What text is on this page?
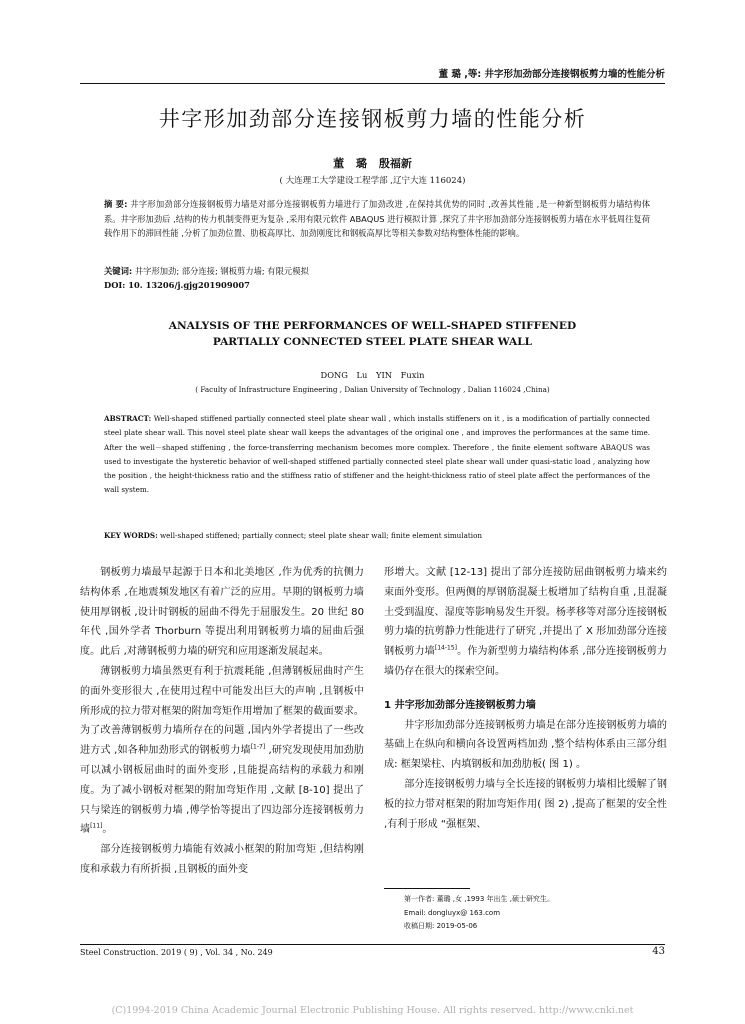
董 璐 ,等: 井字形加劲部分连接钢板剪力墙的性能分析
井字形加劲部分连接钢板剪力墙的性能分析
董 璐 殷福新
( 大连理工大学建设工程学部 ,辽宁大连 116024)
摘 要: 井字形加劲部分连接钢板剪力墙是对部分连接钢板剪力墙进行了加劲改进 ,在保持其优势的同时 ,改善其性能 ,是一种新型钢板剪力墙结构体系。井字形加劲后 ,结构的传力机制变得更为复杂 ,采用有限元软件 ABAQUS 进行模拟计算 ,探究了井字形加劲部分连接钢板剪力墙在水平低周往复荷载作用下的滞回性能 ,分析了加劲位置、肋板高厚比、加劲刚度比和钢板高厚比等相关参数对结构整体性能的影响。
关键词: 井字形加劲; 部分连接; 钢板剪力墙; 有限元模拟
DOI: 10. 13206/j.gjg201909007
ANALYSIS OF THE PERFORMANCES OF WELL-SHAPED STIFFENED
PARTIALLY CONNECTED STEEL PLATE SHEAR WALL
DONG Lu YIN Fuxin
( Faculty of Infrastructure Engineering , Dalian University of Technology , Dalian 116024 ,China)
ABSTRACT: Well-shaped stiffened partially connected steel plate shear wall , which installs stiffeners on it , is a modification of partially connected steel plate shear wall. This novel steel plate shear wall keeps the advantages of the original one , and improves the performances at the same time. After the well－shaped stiffening , the force-transferring mechanism becomes more complex. Therefore , the finite element software ABAQUS was used to investigate the hysteretic behavior of well-shaped stiffened partially connected steel plate shear wall under quasi-static load , analyzing how the position , the height-thickness ratio and the stiffness ratio of stiffener and the height-thickness ratio of steel plate affect the performances of the wall system.
KEY WORDS: well-shaped stiffened; partially connect; steel plate shear wall; finite element simulation

钢板剪力墙最早起源于日本和北美地区 ,作为优秀的抗侧力结构体系 ,在地震频发地区有着广泛的应用。早期的钢板剪力墙使用厚钢板 ,设计时钢板的屈曲不得先于屈服发生。20 世纪 80 年代 ,国外学者 Thorburn 等提出利用钢板剪力墙的屈曲后强度。此后 ,对薄钢板剪力墙的研究和应用逐渐发展起来。

薄钢板剪力墙虽然更有利于抗震耗能 ,但薄钢板屈曲时产生的面外变形很大 ,在使用过程中可能发出巨大的声响 ,且钢板中所形成的拉力带对框架的附加弯矩作用增加了框架的截面要求。为了改善薄钢板剪力墙所存在的问题 ,国内外学者提出了一些改进方式 ,如各种加劲形式的钢板剪力墙[1-7] ,研究发现使用加劲肋可以减小钢板屈曲时的面外变形 ,且能提高结构的承载力和刚度。为了减小钢板对框架的附加弯矩作用 ,文献 [8-10] 提出了只与梁连的钢板剪力墙 ,傅学怡等提出了四边部分连接钢板剪力墙[11]。

部分连接钢板剪力墙能有效减小框架的附加弯矩 ,但结构刚度和承载力有所折损 ,且钢板的面外变

形增大。文献 [12-13] 提出了部分连接防屈曲钢板剪力墙来约束面外变形。但两侧的厚钢筋混凝土板增加了结构自重 ,且混凝土受到温度、湿度等影响易发生开裂。杨孝移等对部分连接钢板剪力墙的抗剪静力性能进行了研究 ,并提出了 X 形加劲部分连接钢板剪力墙[14-15]。作为新型剪力墙结构体系 ,部分连接钢板剪力墙仍存在很大的探索空间。

1 井字形加劲部分连接钢板剪力墙

井字形加劲部分连接钢板剪力墙是在部分连接钢板剪力墙的基础上在纵向和横向各设置两档加劲 ,整个结构体系由三部分组成: 框架梁柱、内填钢板和加劲肋板( 图 1) 。

部分连接钢板剪力墙与全长连接的钢板剪力墙相比缓解了钢板的拉力带对框架的附加弯矩作用( 图 2) ,提高了框架的安全性 ,有利于形成 “强框架、

第一作者: 董璐 ,女 ,1993 年出生 ,硕士研究生。
Email: dongluyx@ 163.com
收稿日期: 2019-05-06
Steel Construction. 2019 ( 9) , Vol. 34 , No. 249	43
(C)1994-2019 China Academic Journal Electronic Publishing House. All rights reserved. http://www.cnki.net
